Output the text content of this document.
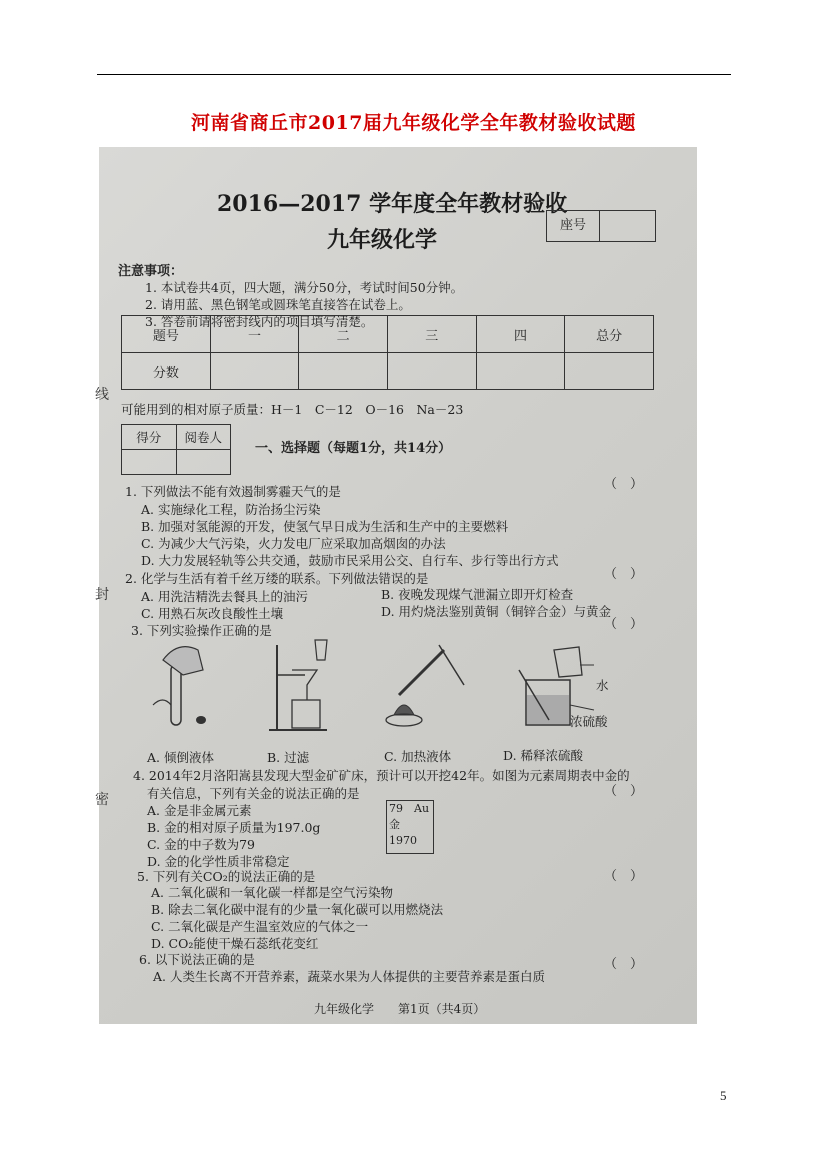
河南省商丘市2017届九年级化学全年教材验收试题
线
封
密
2016—2017 学年度全年教材验收
九年级化学
座号
注意事项：
1. 本试卷共4页，四大题，满分50分，考试时间50分钟。
2. 请用蓝、黑色钢笔或圆珠笔直接答在试卷上。
3. 答卷前请将密封线内的项目填写清楚。
题号	一	二	三	四	总分
分数					
可能用到的相对原子质量：H－1　C－12　O－16　Na－23
得分	阅卷人

一、选择题（每题1分，共14分）
1. 下列做法不能有效遏制雾霾天气的是	（　）
A. 实施绿化工程，防治扬尘污染
B. 加强对氢能源的开发，使氢气早日成为生活和生产中的主要燃料
C. 为减少大气污染，火力发电厂应采取加高烟囱的办法
D. 大力发展轻轨等公共交通，鼓励市民采用公交、自行车、步行等出行方式
2. 化学与生活有着千丝万缕的联系。下列做法错误的是	（　）
A. 用洗洁精洗去餐具上的油污	B. 夜晚发现煤气泄漏立即开灯检查
C. 用熟石灰改良酸性土壤	D. 用灼烧法鉴别黄铜（铜锌合金）与黄金
3. 下列实验操作正确的是	（　）
水
浓硫酸
A. 倾倒液体	B. 过滤	C. 加热液体	D. 稀释浓硫酸
4. 2014年2月洛阳嵩县发现大型金矿矿床，预计可以开挖42年。如图为元素周期表中金的
有关信息，下列有关金的说法正确的是	（　）
79　Au
金
1970
A. 金是非金属元素
B. 金的相对原子质量为197.0g
C. 金的中子数为79
D. 金的化学性质非常稳定
5. 下列有关CO₂的说法正确的是	（　）
A. 二氧化碳和一氧化碳一样都是空气污染物
B. 除去二氧化碳中混有的少量一氧化碳可以用燃烧法
C. 二氧化碳是产生温室效应的气体之一
D. CO₂能使干燥石蕊纸花变红
6. 以下说法正确的是	（　）
A. 人类生长离不开营养素，蔬菜水果为人体提供的主要营养素是蛋白质
九年级化学　　第1页（共4页）
5
